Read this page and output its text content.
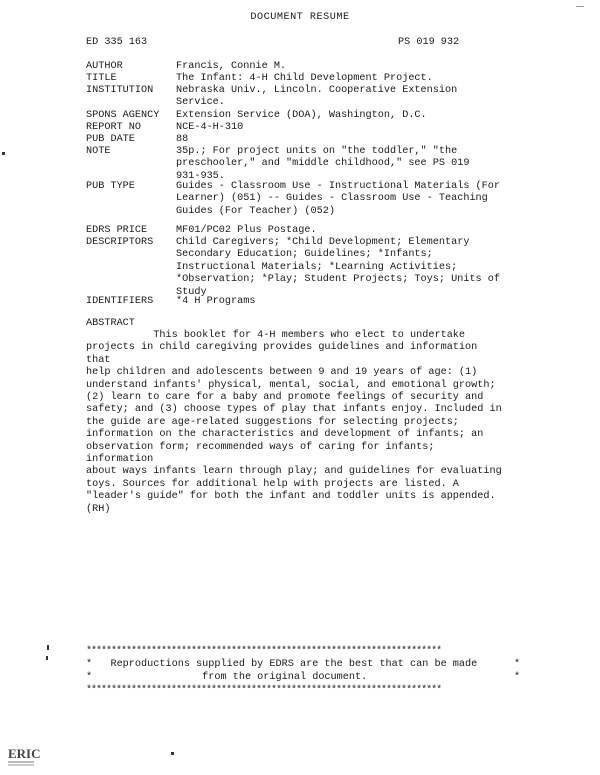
DOCUMENT RESUME
ED 335 163	PS 019 932
AUTHOR	Francis, Connie M.
TITLE	The Infant: 4-H Child Development Project.
INSTITUTION	Nebraska Univ., Lincoln. Cooperative Extension
Service.
SPONS AGENCY	Extension Service (DOA), Washington, D.C.
REPORT NO	NCE-4-H-310
PUB DATE	88
NOTE	35p.; For project units on "the toddler," "the
preschooler," and "middle childhood," see PS 019
931-935.
PUB TYPE	Guides - Classroom Use - Instructional Materials (For
Learner) (051) -- Guides - Classroom Use - Teaching
Guides (For Teacher) (052)
EDRS PRICE	MF01/PC02 Plus Postage.
DESCRIPTORS	Child Caregivers; *Child Development; Elementary
Secondary Education; Guidelines; *Infants;
Instructional Materials; *Learning Activities;
*Observation; *Play; Student Projects; Toys; Units of
Study
IDENTIFIERS	*4 H Programs
ABSTRACT
This booklet for 4-H members who elect to undertake
projects in child caregiving provides guidelines and information that
help children and adolescents between 9 and 19 years of age: (1)
understand infants' physical, mental, social, and emotional growth;
(2) learn to care for a baby and promote feelings of security and
safety; and (3) choose types of play that infants enjoy. Included in
the guide are age-related suggestions for selecting projects;
information on the characteristics and development of infants; an
observation form; recommended ways of caring for infants; information
about ways infants learn through play; and guidelines for evaluating
toys. Sources for additional help with projects are listed. A
"leader's guide" for both the infant and toddler units is appended.
(RH)
***********************************************************************
*   Reproductions supplied by EDRS are the best that can be made      *
*                  from the original document.                        *
***********************************************************************
ERIC
